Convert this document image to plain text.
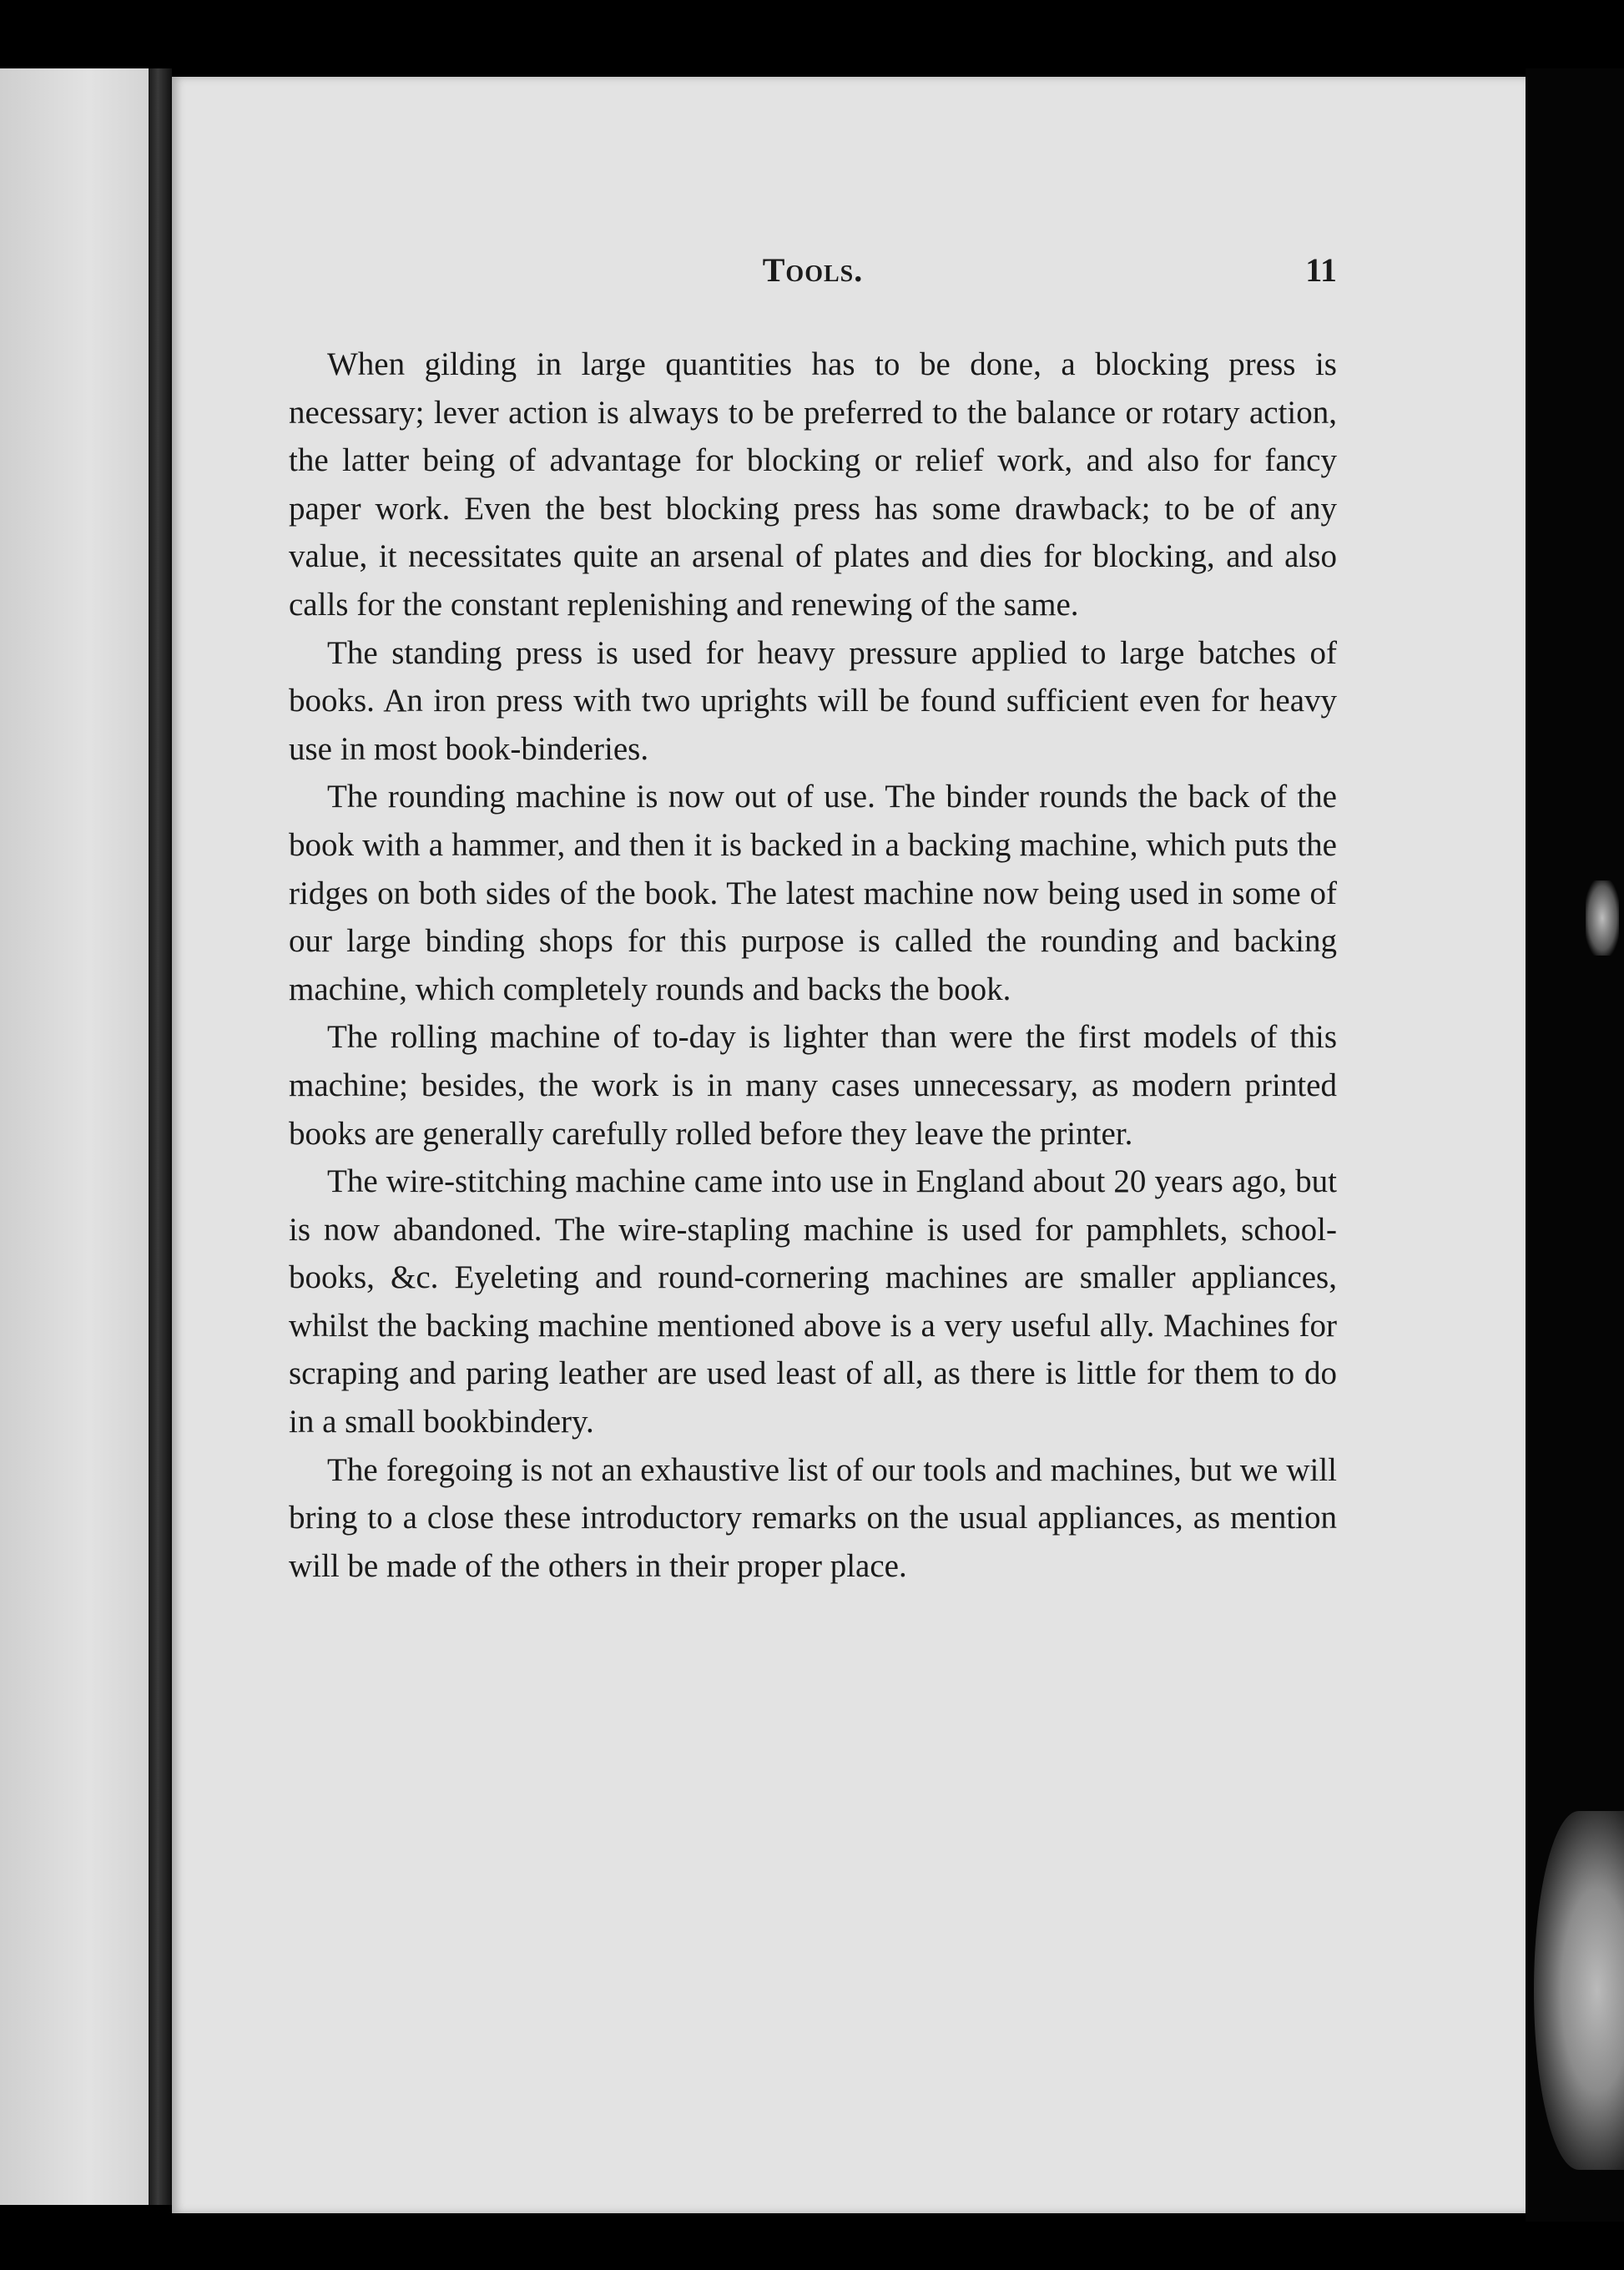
Tools.	11

When gilding in large quantities has to be done, a blocking press is necessary; lever action is always to be preferred to the balance or rotary action, the latter being of advantage for blocking or relief work, and also for fancy paper work. Even the best blocking press has some drawback; to be of any value, it necessitates quite an arsenal of plates and dies for blocking, and also calls for the constant replenishing and renewing of the same.

The standing press is used for heavy pressure applied to large batches of books. An iron press with two uprights will be found sufficient even for heavy use in most book-binderies.

The rounding machine is now out of use. The binder rounds the back of the book with a hammer, and then it is backed in a backing machine, which puts the ridges on both sides of the book. The latest machine now being used in some of our large binding shops for this purpose is called the rounding and backing machine, which completely rounds and backs the book.

The rolling machine of to-day is lighter than were the first models of this machine; besides, the work is in many cases unnecessary, as modern printed books are generally carefully rolled before they leave the printer.

The wire-stitching machine came into use in England about 20 years ago, but is now abandoned. The wire-stapling machine is used for pamphlets, school-books, &c. Eyeleting and round-cornering machines are smaller appliances, whilst the backing machine mentioned above is a very useful ally. Machines for scraping and paring leather are used least of all, as there is little for them to do in a small bookbindery.

The foregoing is not an exhaustive list of our tools and machines, but we will bring to a close these introductory remarks on the usual appliances, as mention will be made of the others in their proper place.
